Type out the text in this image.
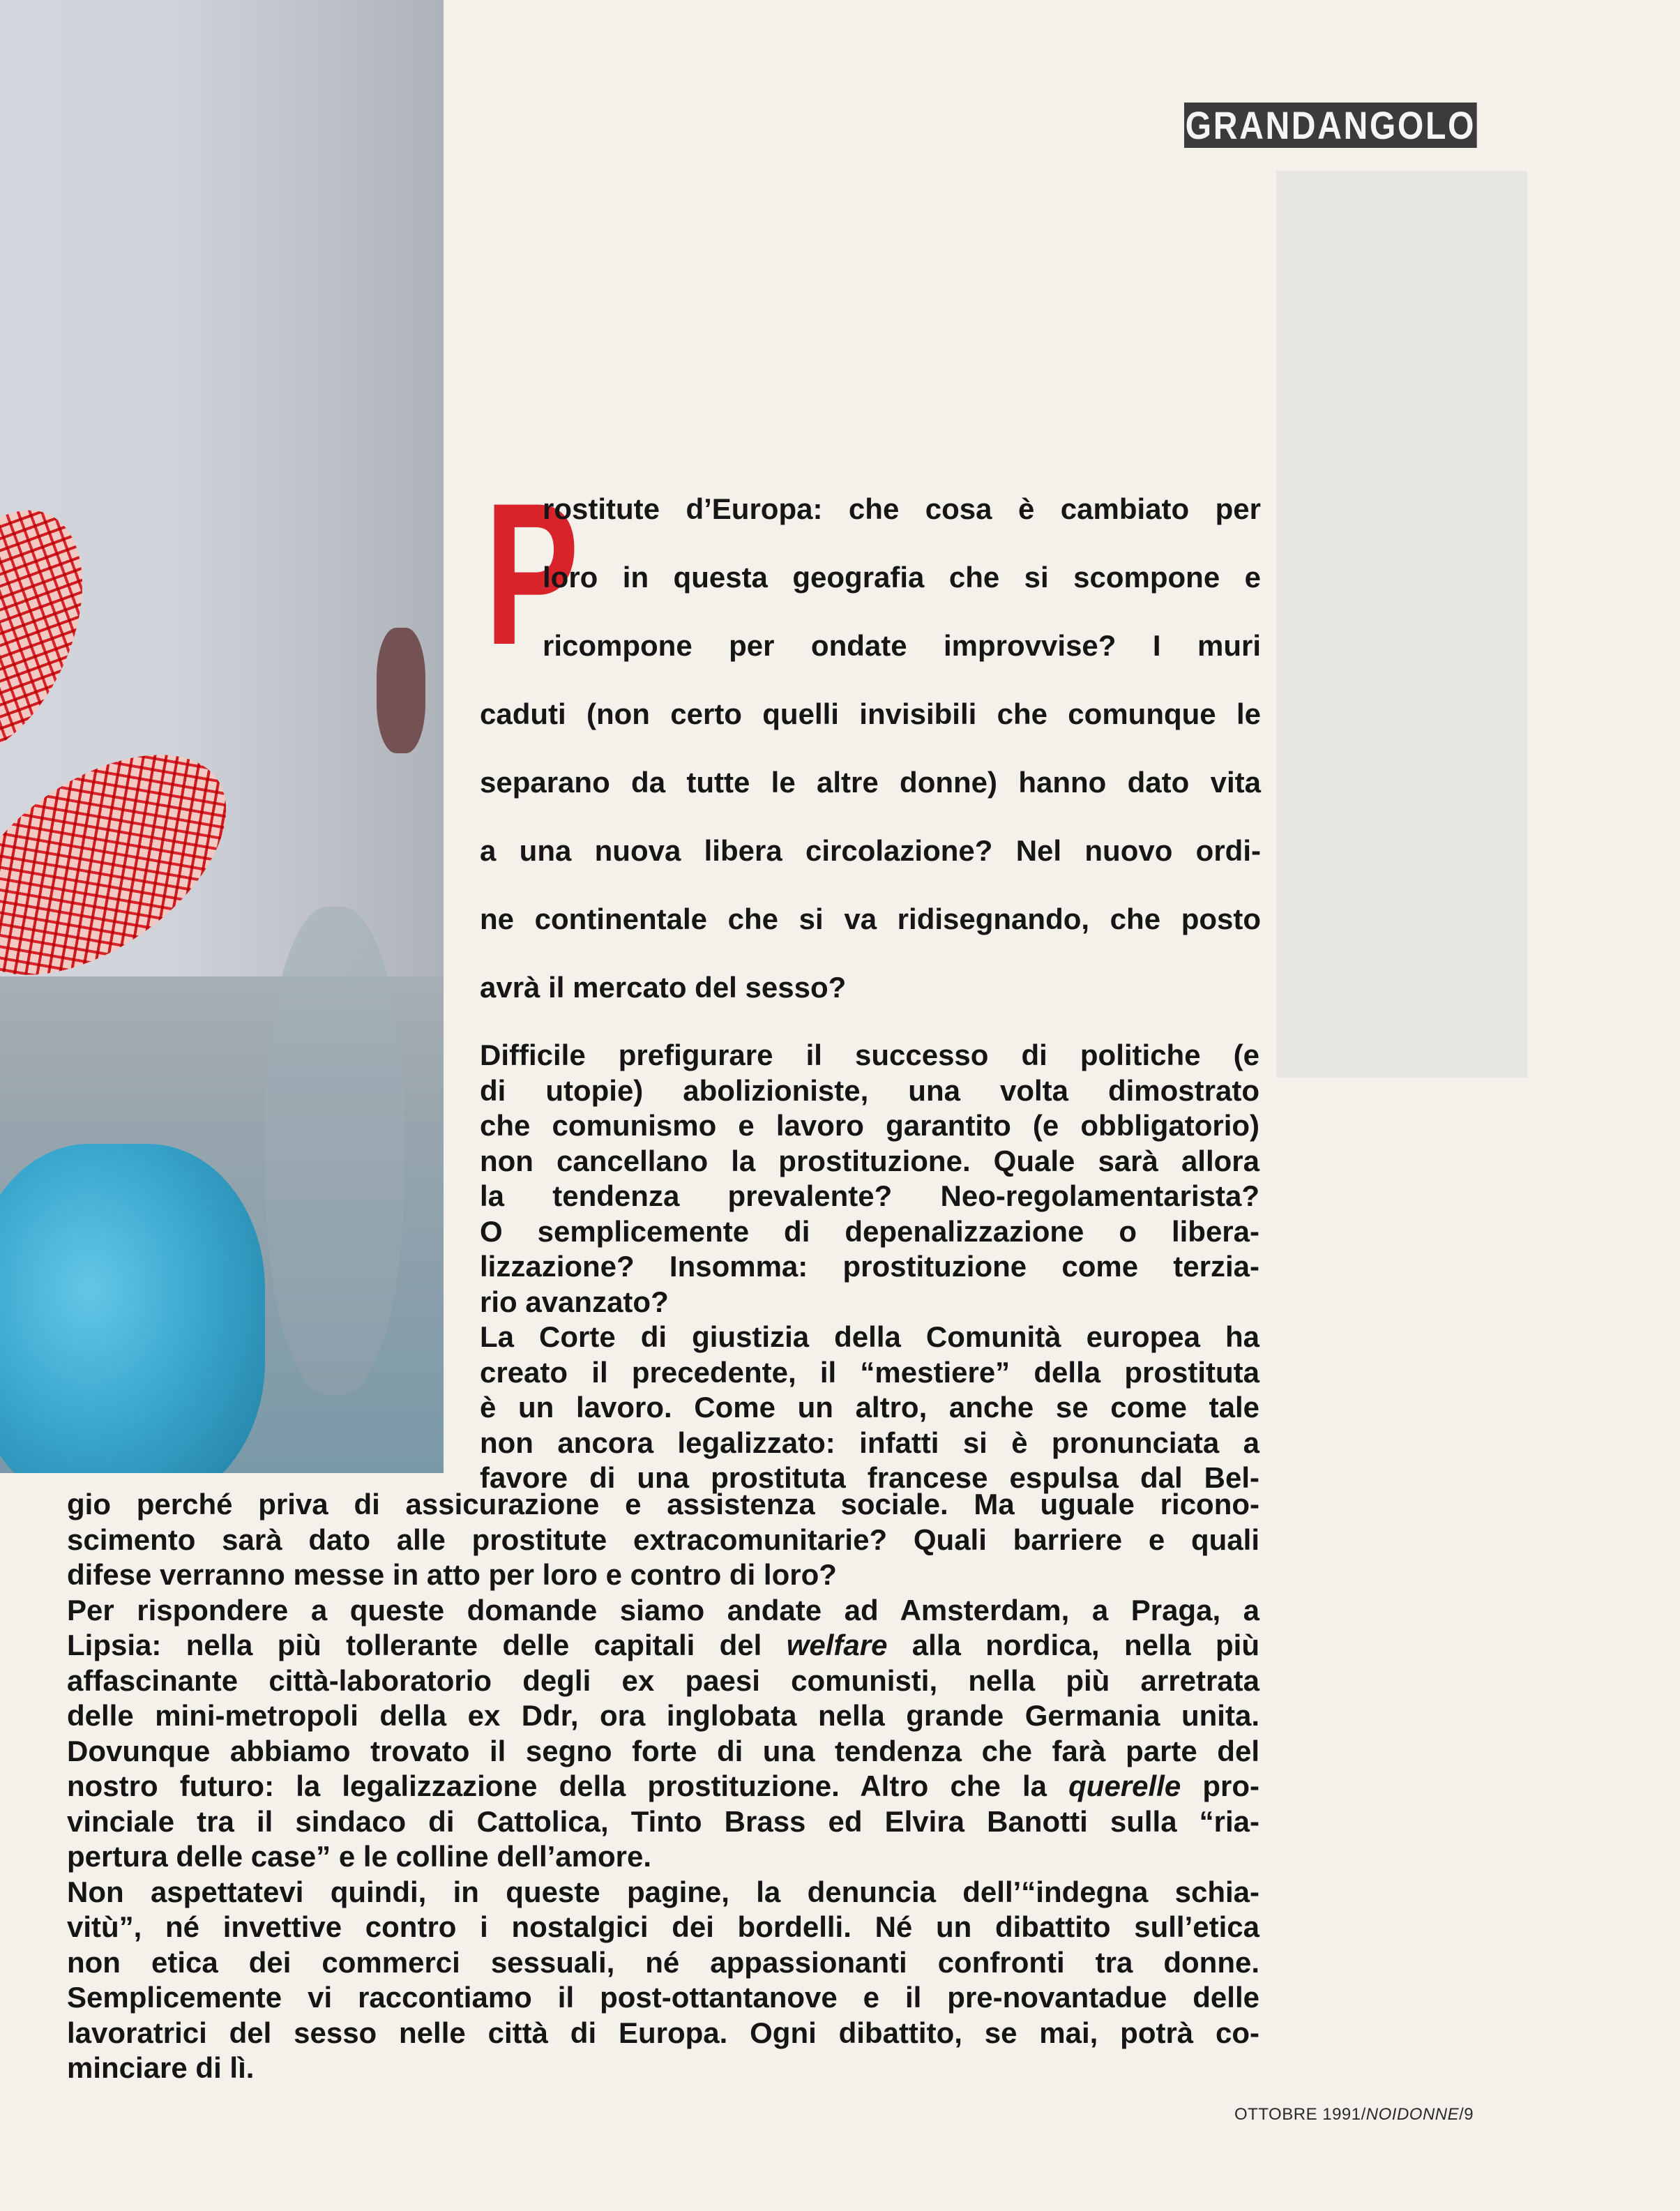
GRANDANGOLO
P
rostitute d’Europa: che cosa è cambiato per
loro in questa geografia che si scompone e
ricompone per ondate improvvise? I muri
caduti (non certo quelli invisibili che comunque le
separano da tutte le altre donne) hanno dato vita
a una nuova libera circolazione? Nel nuovo ordi-
ne continentale che si va ridisegnando, che posto
avrà il mercato del sesso?
Difficile prefigurare il successo di politiche (e
di utopie) abolizioniste, una volta dimostrato
che comunismo e lavoro garantito (e obbligatorio)
non cancellano la prostituzione. Quale sarà allora
la tendenza prevalente? Neo-regolamentarista?
O semplicemente di depenalizzazione o libera-
lizzazione? Insomma: prostituzione come terzia-
rio avanzato?
La Corte di giustizia della Comunità europea ha
creato il precedente, il “mestiere” della prostituta
è un lavoro. Come un altro, anche se come tale
non ancora legalizzato: infatti si è pronunciata a
favore di una prostituta francese espulsa dal Bel-
gio perché priva di assicurazione e assistenza sociale. Ma uguale ricono-
scimento sarà dato alle prostitute extracomunitarie? Quali barriere e quali
difese verranno messe in atto per loro e contro di loro?
Per rispondere a queste domande siamo andate ad Amsterdam, a Praga, a
Lipsia: nella più tollerante delle capitali del welfare alla nordica, nella più
affascinante città-laboratorio degli ex paesi comunisti, nella più arretrata
delle mini-metropoli della ex Ddr, ora inglobata nella grande Germania unita.
Dovunque abbiamo trovato il segno forte di una tendenza che farà parte del
nostro futuro: la legalizzazione della prostituzione. Altro che la querelle pro-
vinciale tra il sindaco di Cattolica, Tinto Brass ed Elvira Banotti sulla “ria-
pertura delle case” e le colline dell’amore.
Non aspettatevi quindi, in queste pagine, la denuncia dell’“indegna schia-
vitù”, né invettive contro i nostalgici dei bordelli. Né un dibattito sull’etica
non etica dei commerci sessuali, né appassionanti confronti tra donne.
Semplicemente vi raccontiamo il post-ottantanove e il pre-novantadue delle
lavoratrici del sesso nelle città di Europa. Ogni dibattito, se mai, potrà co-
minciare di lì.
OTTOBRE 1991/NOIDONNE/9
